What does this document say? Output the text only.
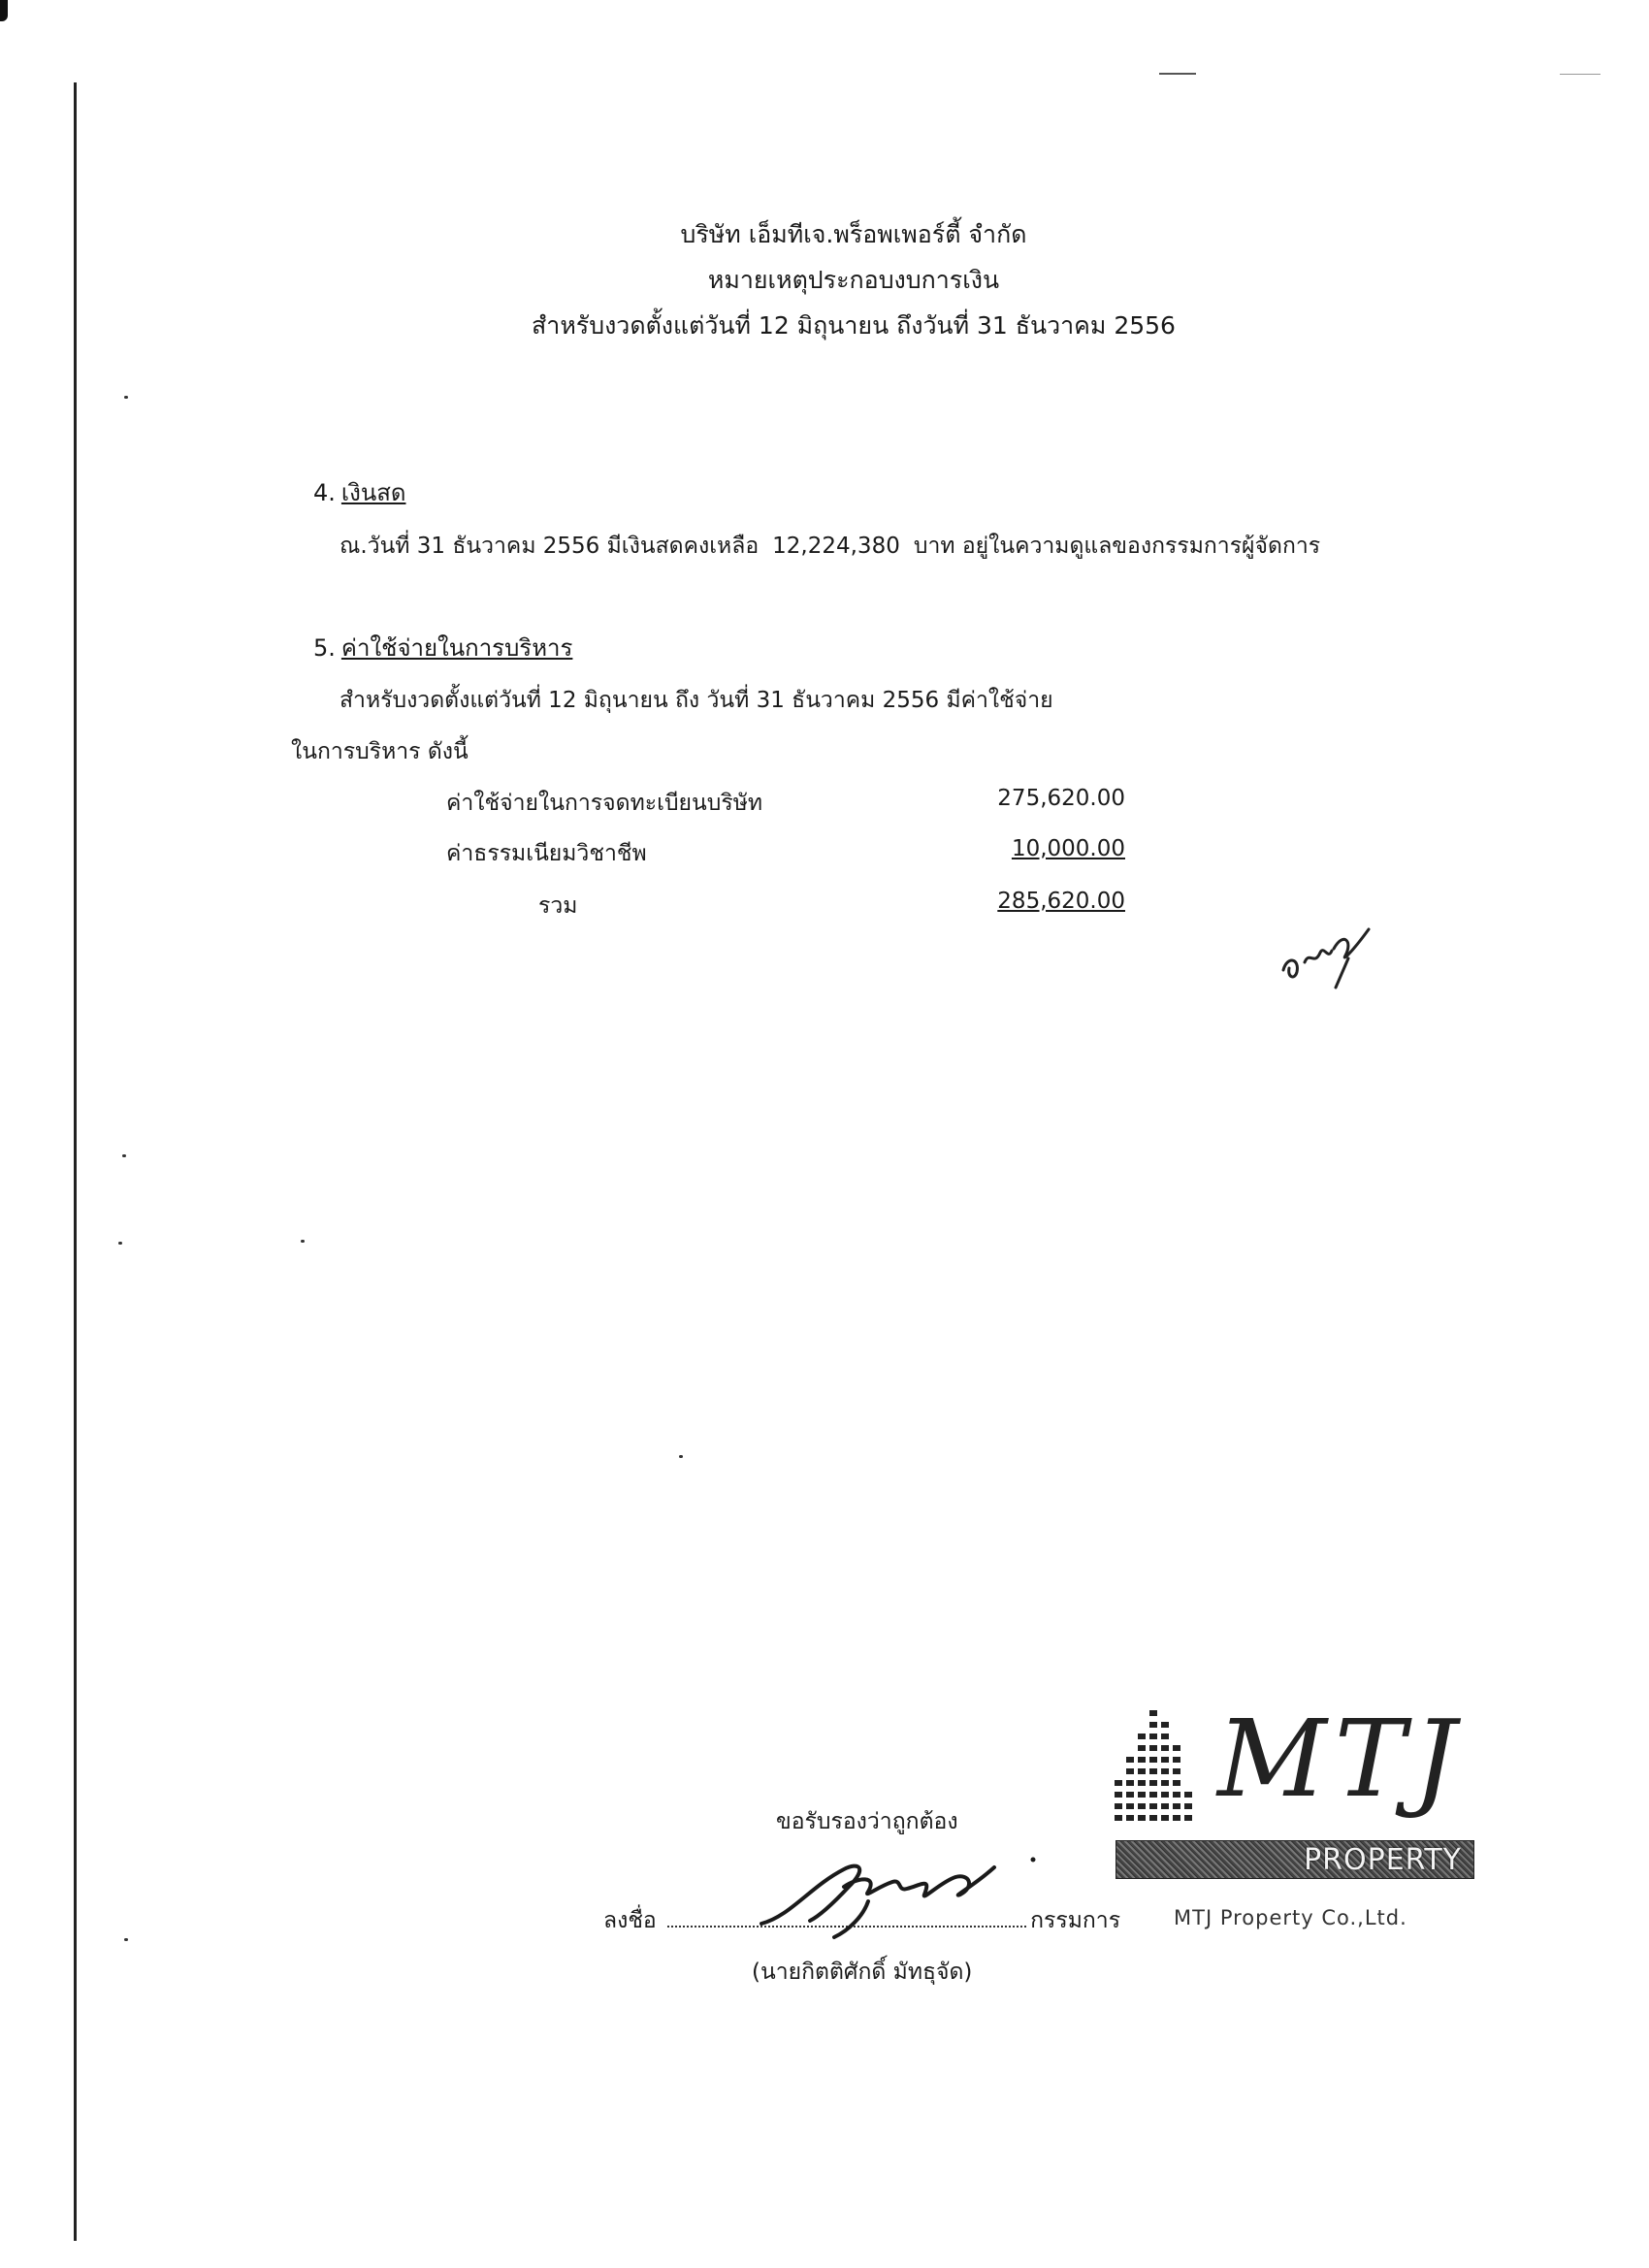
บริษัท เอ็มทีเจ.พร็อพเพอร์ตี้ จำกัด
หมายเหตุประกอบงบการเงิน
สำหรับงวดตั้งแต่วันที่ 12 มิถุนายน ถึงวันที่ 31 ธันวาคม 2556
4. เงินสด
ณ.วันที่ 31 ธันวาคม 2556 มีเงินสดคงเหลือ 12,224,380 บาท อยู่ในความดูแลของกรรมการผู้จัดการ
5. ค่าใช้จ่ายในการบริหาร
สำหรับงวดตั้งแต่วันที่ 12 มิถุนายน ถึง วันที่ 31 ธันวาคม 2556 มีค่าใช้จ่าย
ในการบริหาร ดังนี้
ค่าใช้จ่ายในการจดทะเบียนบริษัท	275,620.00
ค่าธรรมเนียมวิชาชีพ	10,000.00
รวม	285,620.00
ขอรับรองว่าถูกต้อง
ลงชื่อ	กรรมการ
(นายกิตติศักดิ์ มัทธุจัด)
MTJ
PROPERTY
MTJ Property Co.,Ltd.
